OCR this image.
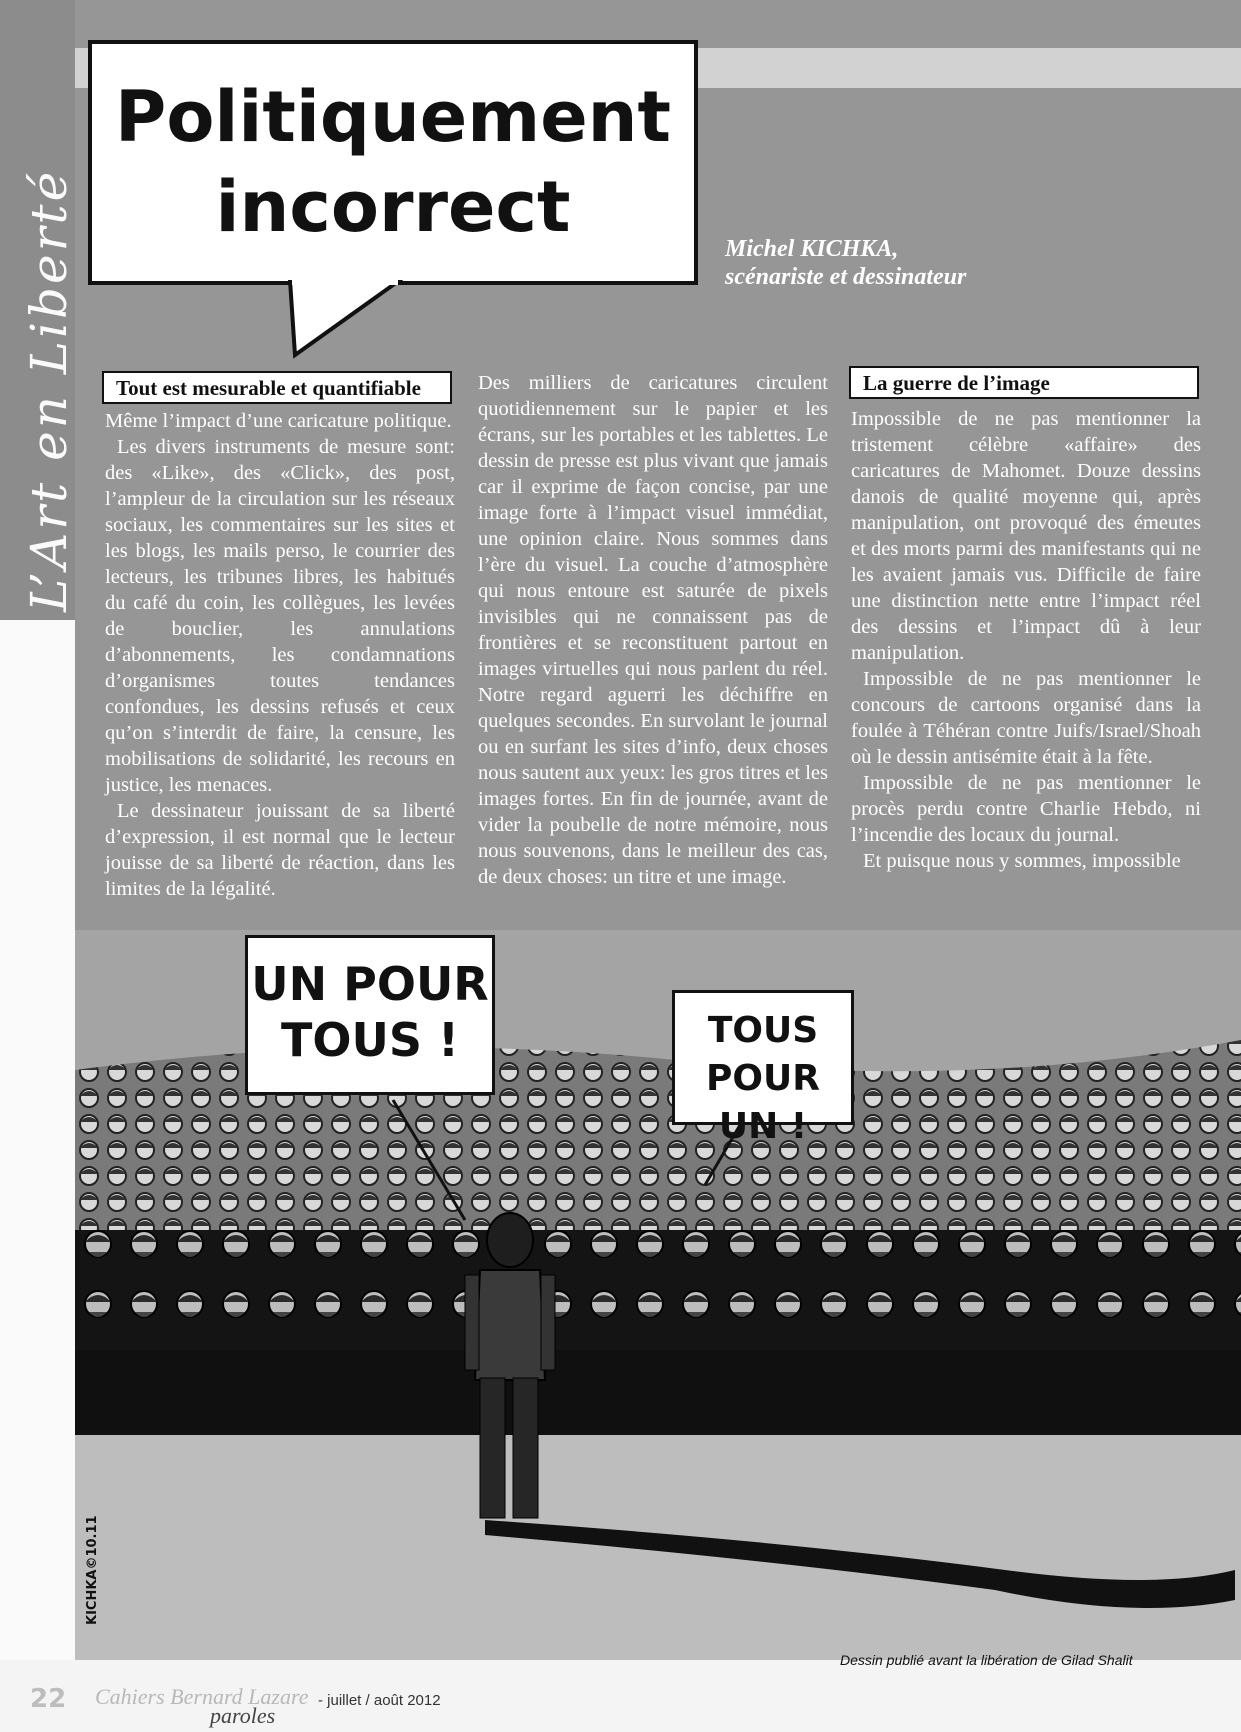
L’Art en Liberté
Politiquement
incorrect
Michel KICHKA,
scénariste et dessinateur
Tout est mesurable et quantifiable

Même l’impact d’une caricature politique.

Les divers instruments de mesure sont: des «Like», des «Click», des post, l’ampleur de la circulation sur les réseaux sociaux, les commentaires sur les sites et les blogs, les mails perso, le courrier des lecteurs, les tribunes libres, les habitués du café du coin, les collègues, les levées de bouclier, les annulations d’abonnements, les condamnations d’organismes toutes tendances confondues, les dessins refusés et ceux qu’on s’interdit de faire, la censure, les mobilisations de solidarité, les recours en justice, les menaces.

Le dessinateur jouissant de sa liberté d’expression, il est normal que le lecteur jouisse de sa liberté de réaction, dans les limites de la légalité.

Des milliers de caricatures circulent quotidiennement sur le papier et les écrans, sur les portables et les tablettes. Le dessin de presse est plus vivant que jamais car il exprime de façon concise, par une image forte à l’impact visuel immédiat, une opinion claire. Nous sommes dans l’ère du visuel. La couche d’atmosphère qui nous entoure est saturée de pixels invisibles qui ne connaissent pas de frontières et se reconstituent partout en images virtuelles qui nous parlent du réel. Notre regard aguerri les déchiffre en quelques secondes. En survolant le journal ou en surfant les sites d’info, deux choses nous sautent aux yeux: les gros titres et les images fortes. En fin de journée, avant de vider la poubelle de notre mémoire, nous nous souvenons, dans le meilleur des cas, de deux choses: un titre et une image.

La guerre de l’image

Impossible de ne pas mentionner la tristement célèbre «affaire» des caricatures de Mahomet. Douze dessins danois de qualité moyenne qui, après manipulation, ont provoqué des émeutes et des morts parmi des manifestants qui ne les avaient jamais vus. Difficile de faire une distinction nette entre l’impact réel des dessins et l’impact dû à leur manipulation.

Impossible de ne pas mentionner le concours de cartoons organisé dans la foulée à Téhéran contre Juifs/Israel/Shoah où le dessin antisémite était à la fête.

Impossible de ne pas mentionner le procès perdu contre Charlie Hebdo, ni l’incendie des locaux du journal.

Et puisque nous y sommes, impossible

UN POUR
TOUS !	TOUS
POUR UN !
KICHKA©10.11
Dessin publié avant la libération de Gilad Shalit
22 Cahiers Bernard Lazare
paroles
- juillet / août 2012
